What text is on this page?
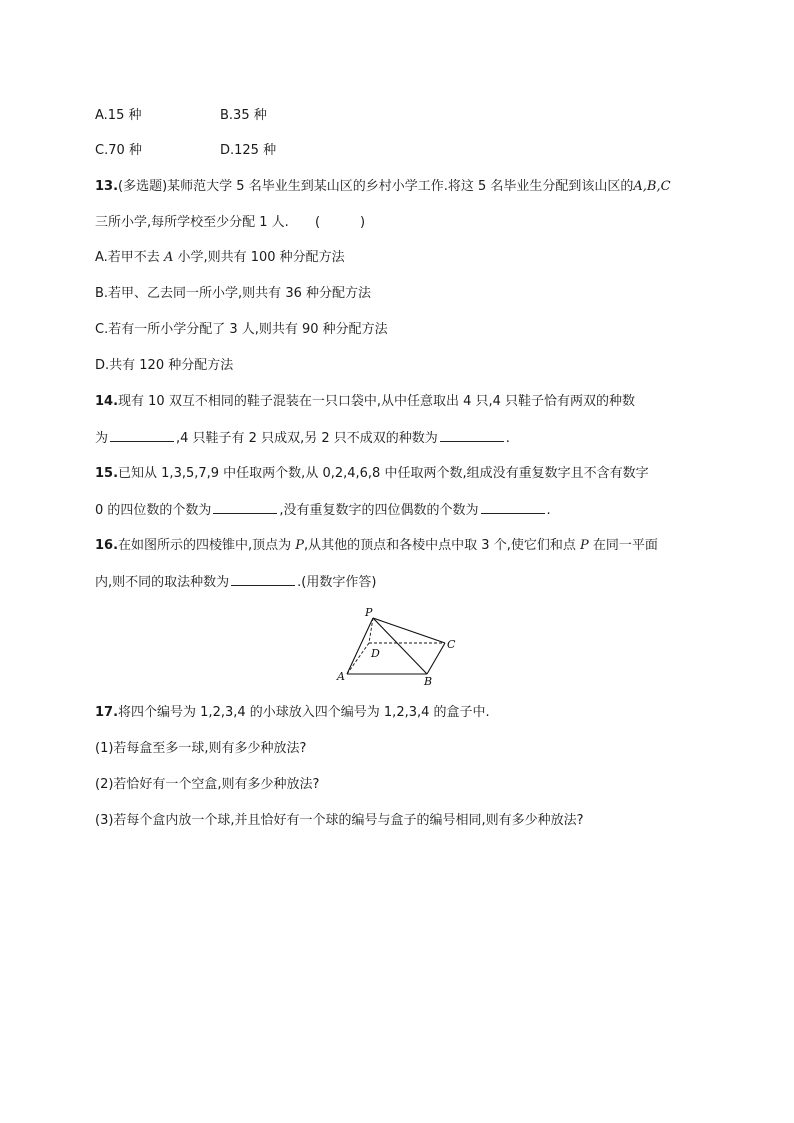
A.15 种	B.35 种
C.70 种	D.125 种
13.(多选题)某师范大学 5 名毕业生到某山区的乡村小学工作.将这 5 名毕业生分配到该山区的A,B,C
三所小学,每所学校至少分配 1 人. (	)
A.若甲不去 A 小学,则共有 100 种分配方法
B.若甲、乙去同一所小学,则共有 36 种分配方法
C.若有一所小学分配了 3 人,则共有 90 种分配方法
D.共有 120 种分配方法
14.现有 10 双互不相同的鞋子混装在一只口袋中,从中任意取出 4 只,4 只鞋子恰有两双的种数
为	,4 只鞋子有 2 只成双,另 2 只不成双的种数为	.
15.已知从 1,3,5,7,9 中任取两个数,从 0,2,4,6,8 中任取两个数,组成没有重复数字且不含有数字
0 的四位数的个数为	,没有重复数字的四位偶数的个数为	.
16.在如图所示的四棱锥中,顶点为 P,从其他的顶点和各棱中点中取 3 个,使它们和点 P 在同一平面
内,则不同的取法种数为	.(用数字作答)
P
A	B
C
D
17.将四个编号为 1,2,3,4 的小球放入四个编号为 1,2,3,4 的盒子中.
(1)若每盒至多一球,则有多少种放法?
(2)若恰好有一个空盒,则有多少种放法?
(3)若每个盒内放一个球,并且恰好有一个球的编号与盒子的编号相同,则有多少种放法?
